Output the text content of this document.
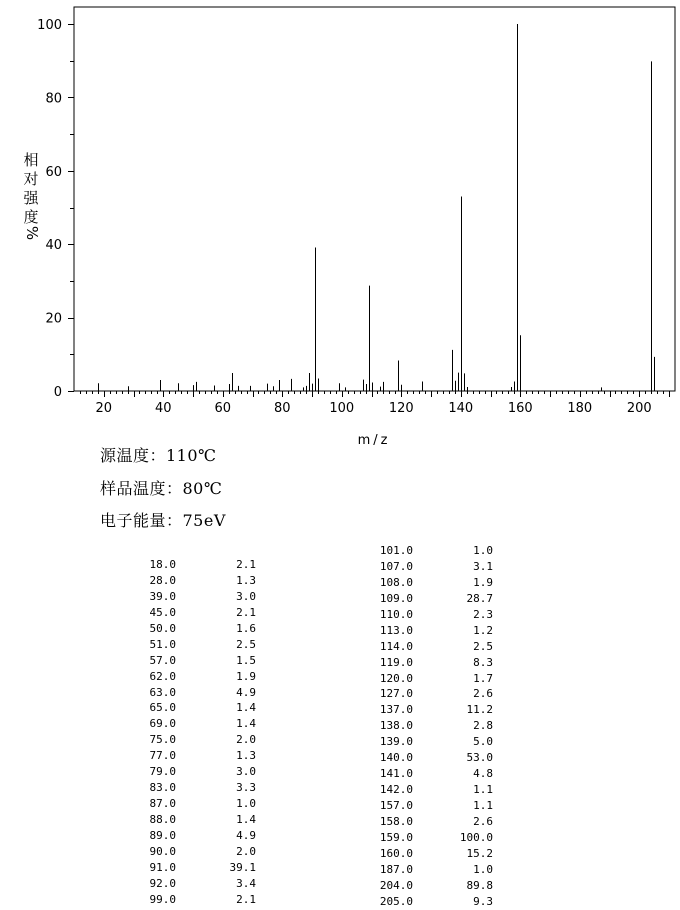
20	40	60	80	100	120	140	160	180	200
0
20
40
60
80
100
m/z
相
对
强
度
%
源温度：110℃
样品温度：80℃
电子能量：75eV
18.0	2.1
28.0	1.3
39.0	3.0
45.0	2.1
50.0	1.6
51.0	2.5
57.0	1.5
62.0	1.9
63.0	4.9
65.0	1.4
69.0	1.4
75.0	2.0
77.0	1.3
79.0	3.0
83.0	3.3
87.0	1.0
88.0	1.4
89.0	4.9
90.0	2.0
91.0	39.1
92.0	3.4
99.0	2.1
101.0	1.0
107.0	3.1
108.0	1.9
109.0	28.7
110.0	2.3
113.0	1.2
114.0	2.5
119.0	8.3
120.0	1.7
127.0	2.6
137.0	11.2
138.0	2.8
139.0	5.0
140.0	53.0
141.0	4.8
142.0	1.1
157.0	1.1
158.0	2.6
159.0	100.0
160.0	15.2
187.0	1.0
204.0	89.8
205.0	9.3
